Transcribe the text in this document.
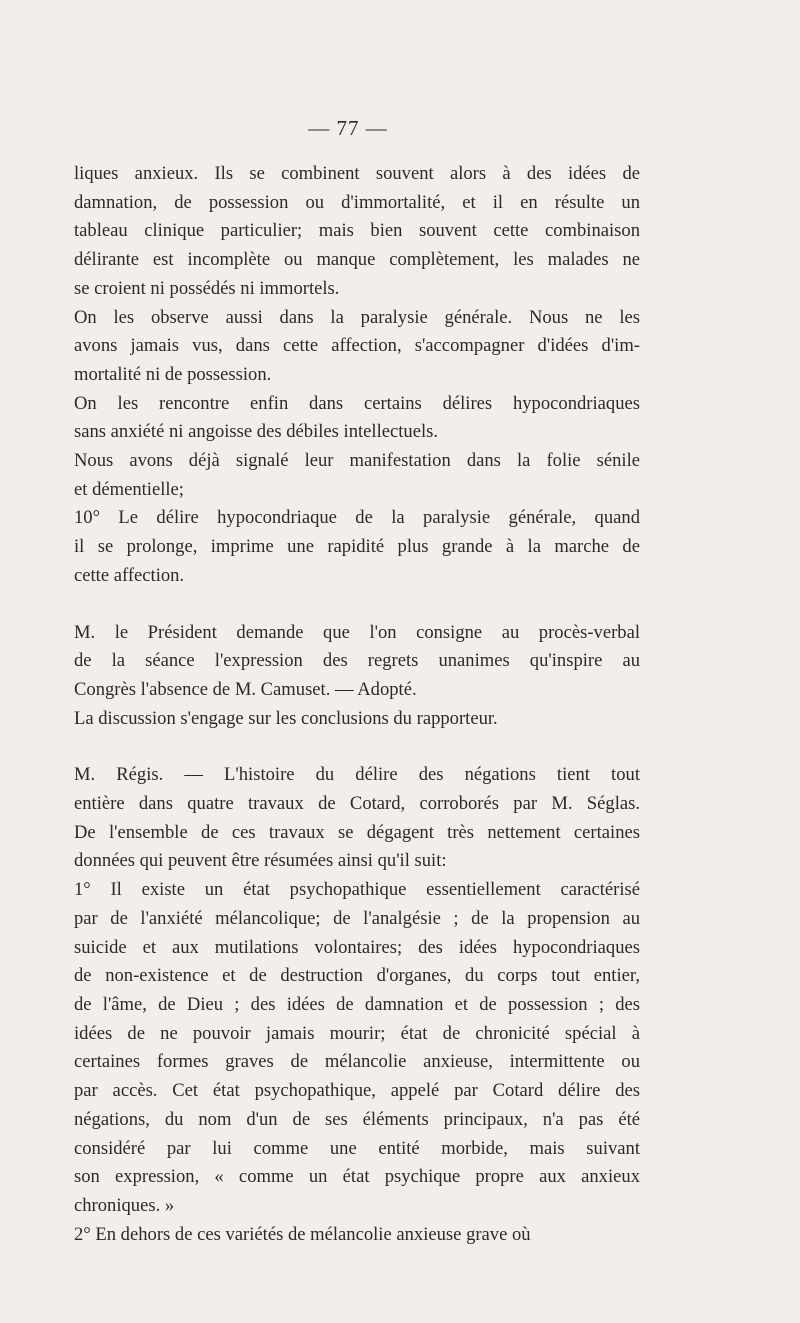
— 77 —

liques anxieux. Ils se combinent souvent alors à des idées de
damnation, de possession ou d'immortalité, et il en résulte un
tableau clinique particulier; mais bien souvent cette combinaison
délirante est incomplète ou manque complètement, les malades ne
se croient ni possédés ni immortels.

On les observe aussi dans la paralysie générale. Nous ne les
avons jamais vus, dans cette affection, s'accompagner d'idées d'im-
mortalité ni de possession.

On les rencontre enfin dans certains délires hypocondriaques
sans anxiété ni angoisse des débiles intellectuels.

Nous avons déjà signalé leur manifestation dans la folie sénile
et démentielle;

10° Le délire hypocondriaque de la paralysie générale, quand
il se prolonge, imprime une rapidité plus grande à la marche de
cette affection.

M. le Président demande que l'on consigne au procès-verbal
de la séance l'expression des regrets unanimes qu'inspire au
Congrès l'absence de M. Camuset. — Adopté.

La discussion s'engage sur les conclusions du rapporteur.

M. Régis. — L'histoire du délire des négations tient tout
entière dans quatre travaux de Cotard, corroborés par M. Séglas.
De l'ensemble de ces travaux se dégagent très nettement certaines
données qui peuvent être résumées ainsi qu'il suit:

1° Il existe un état psychopathique essentiellement caractérisé
par de l'anxiété mélancolique; de l'analgésie ; de la propension au
suicide et aux mutilations volontaires; des idées hypocondriaques
de non-existence et de destruction d'organes, du corps tout entier,
de l'âme, de Dieu ; des idées de damnation et de possession ; des
idées de ne pouvoir jamais mourir; état de chronicité spécial à
certaines formes graves de mélancolie anxieuse, intermittente ou
par accès. Cet état psychopathique, appelé par Cotard délire des
négations, du nom d'un de ses éléments principaux, n'a pas été
considéré par lui comme une entité morbide, mais suivant
son expression, « comme un état psychique propre aux anxieux
chroniques. »

2° En dehors de ces variétés de mélancolie anxieuse grave où
